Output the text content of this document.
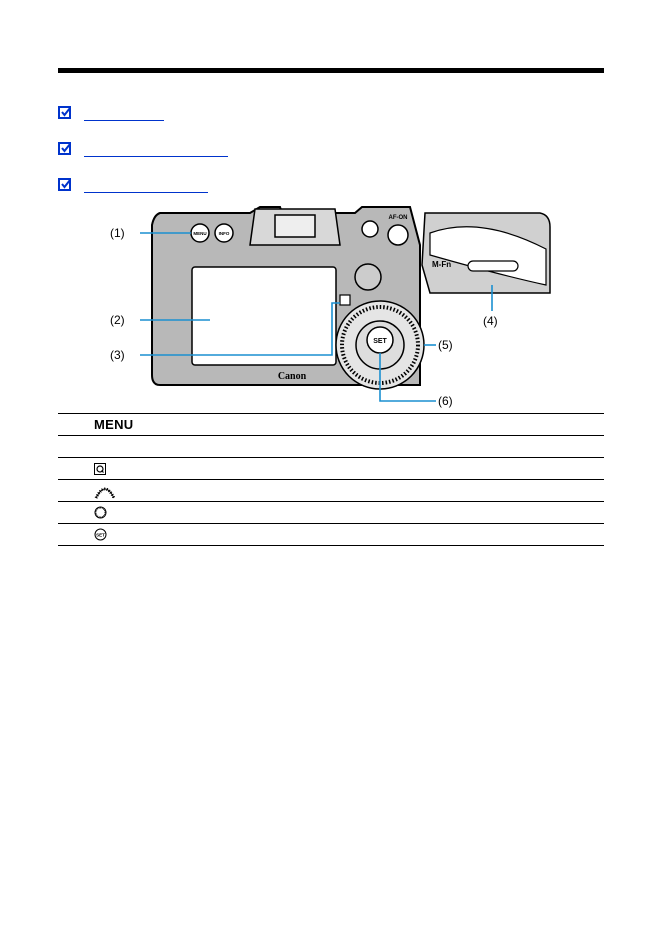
MENU	INFO
AF-ON
SET
Canon
M-Fn
(1)
(2)
(3)
(4)
(5)
(6)
MENU
SET
